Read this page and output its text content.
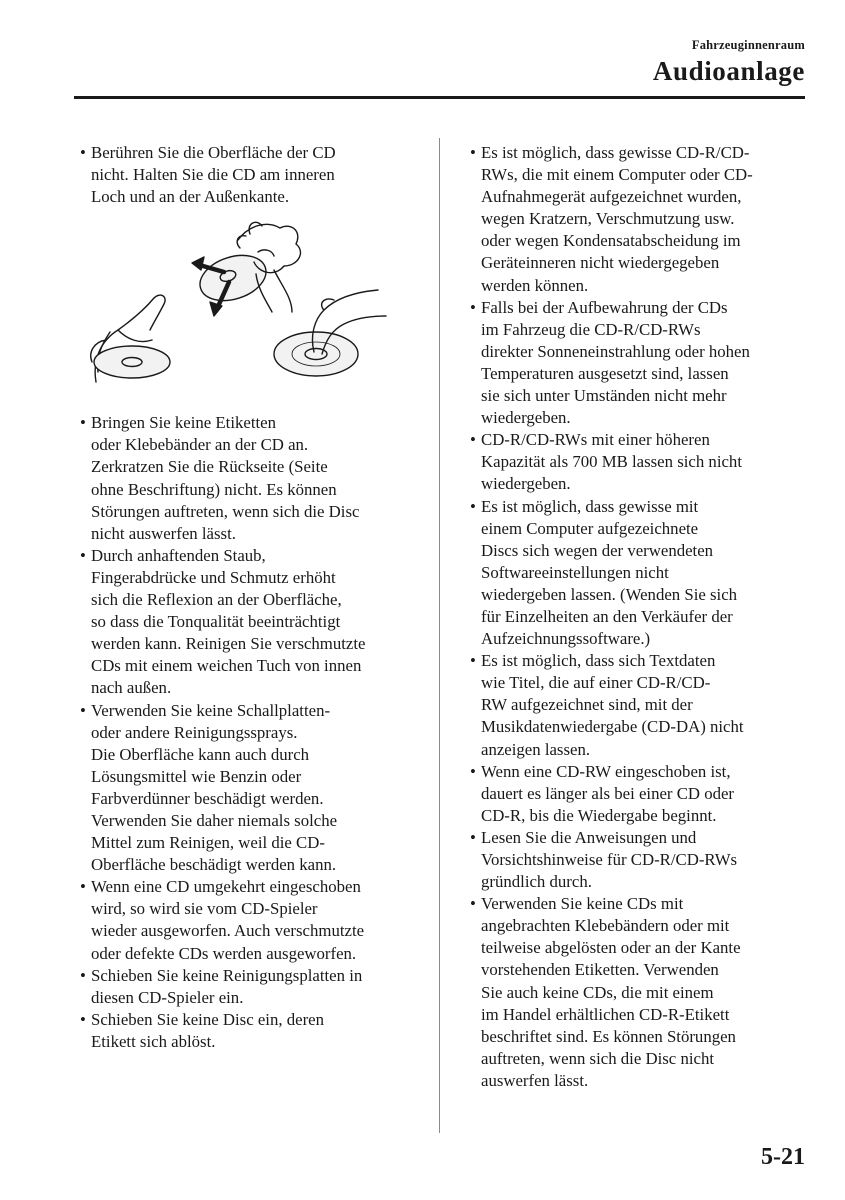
Fahrzeuginnenraum
Audioanlage
• Berühren Sie die Oberfläche der CD
nicht. Halten Sie die CD am inneren
Loch und an der Außenkante.
• Bringen Sie keine Etiketten
oder Klebebänder an der CD an.
Zerkratzen Sie die Rückseite (Seite
ohne Beschriftung) nicht. Es können
Störungen auftreten, wenn sich die Disc
nicht auswerfen lässt.
• Durch anhaftenden Staub,
Fingerabdrücke und Schmutz erhöht
sich die Reflexion an der Oberfläche,
so dass die Tonqualität beeinträchtigt
werden kann. Reinigen Sie verschmutzte
CDs mit einem weichen Tuch von innen
nach außen.
• Verwenden Sie keine Schallplatten-
oder andere Reinigungssprays.
Die Oberfläche kann auch durch
Lösungsmittel wie Benzin oder
Farbverdünner beschädigt werden.
Verwenden Sie daher niemals solche
Mittel zum Reinigen, weil die CD-
Oberfläche beschädigt werden kann.
• Wenn eine CD umgekehrt eingeschoben
wird, so wird sie vom CD-Spieler
wieder ausgeworfen. Auch verschmutzte
oder defekte CDs werden ausgeworfen.
• Schieben Sie keine Reinigungsplatten in
diesen CD-Spieler ein.
• Schieben Sie keine Disc ein, deren
Etikett sich ablöst.
• Es ist möglich, dass gewisse CD-R/CD-
RWs, die mit einem Computer oder CD-
Aufnahmegerät aufgezeichnet wurden,
wegen Kratzern, Verschmutzung usw.
oder wegen Kondensatabscheidung im
Geräteinneren nicht wiedergegeben
werden können.
• Falls bei der Aufbewahrung der CDs
im Fahrzeug die CD-R/CD-RWs
direkter Sonneneinstrahlung oder hohen
Temperaturen ausgesetzt sind, lassen
sie sich unter Umständen nicht mehr
wiedergeben.
• CD-R/CD-RWs mit einer höheren
Kapazität als 700 MB lassen sich nicht
wiedergeben.
• Es ist möglich, dass gewisse mit
einem Computer aufgezeichnete
Discs sich wegen der verwendeten
Softwareeinstellungen nicht
wiedergeben lassen. (Wenden Sie sich
für Einzelheiten an den Verkäufer der
Aufzeichnungssoftware.)
• Es ist möglich, dass sich Textdaten
wie Titel, die auf einer CD-R/CD-
RW aufgezeichnet sind, mit der
Musikdatenwiedergabe (CD-DA) nicht
anzeigen lassen.
• Wenn eine CD-RW eingeschoben ist,
dauert es länger als bei einer CD oder
CD-R, bis die Wiedergabe beginnt.
• Lesen Sie die Anweisungen und
Vorsichtshinweise für CD-R/CD-RWs
gründlich durch.
• Verwenden Sie keine CDs mit
angebrachten Klebebändern oder mit
teilweise abgelösten oder an der Kante
vorstehenden Etiketten. Verwenden
Sie auch keine CDs, die mit einem
im Handel erhältlichen CD-R-Etikett
beschriftet sind. Es können Störungen
auftreten, wenn sich die Disc nicht
auswerfen lässt.
5-21
